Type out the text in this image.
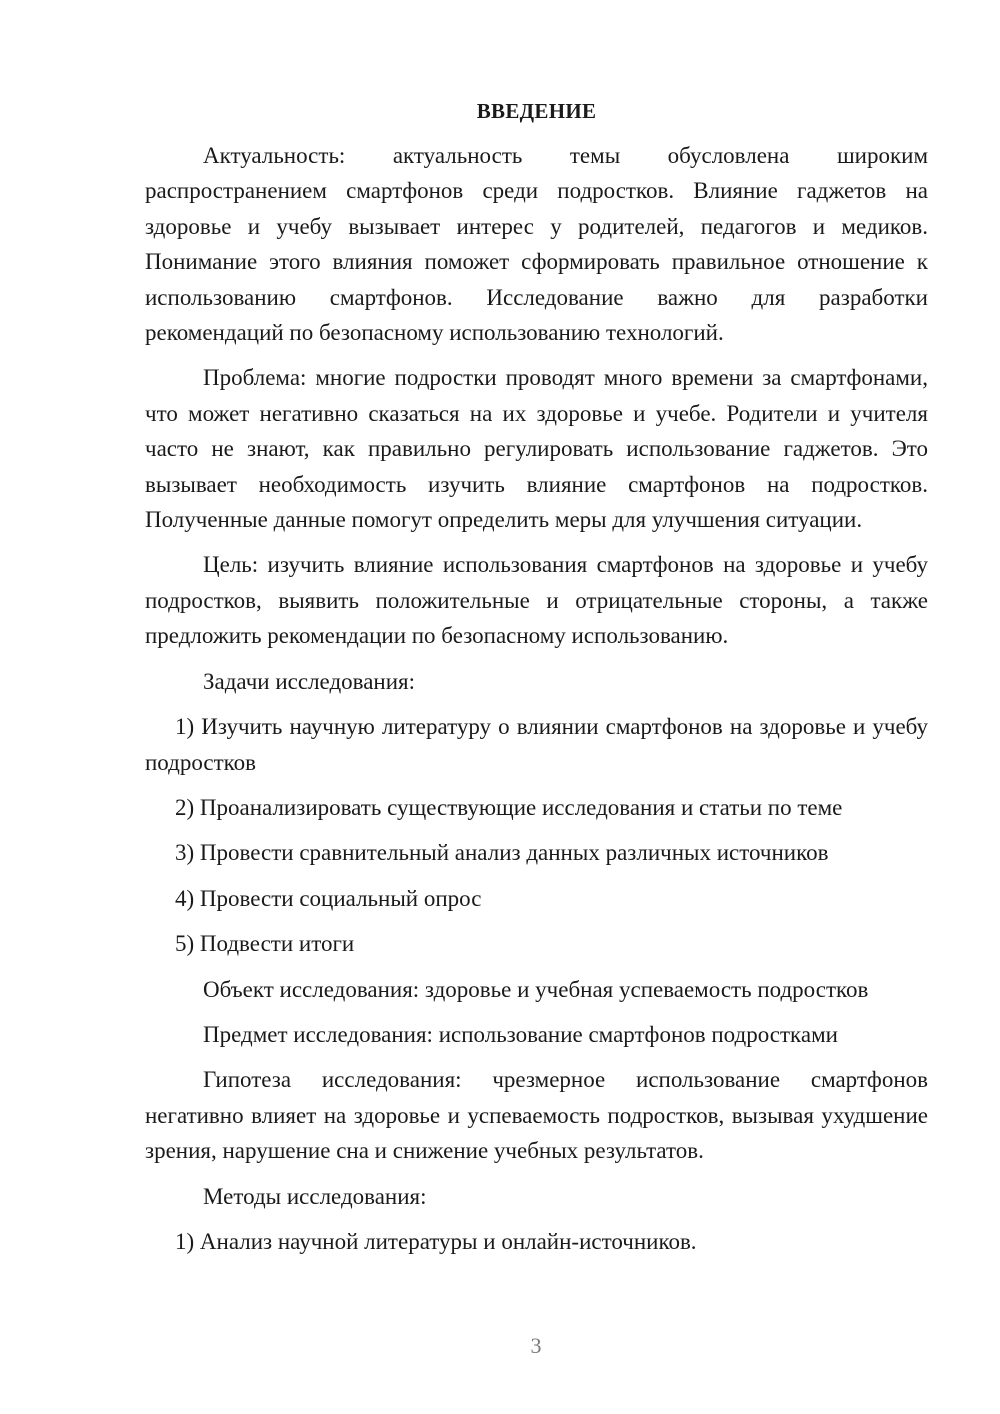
ВВЕДЕНИЕ

Актуальность: актуальность темы обусловлена широким распространением смартфонов среди подростков. Влияние гаджетов на здоровье и учебу вызывает интерес у родителей, педагогов и медиков. Понимание этого влияния поможет сформировать правильное отношение к использованию смартфонов. Исследование важно для разработки рекомендаций по безопасному использованию технологий.

Проблема: многие подростки проводят много времени за смартфонами, что может негативно сказаться на их здоровье и учебе. Родители и учителя часто не знают, как правильно регулировать использование гаджетов. Это вызывает необходимость изучить влияние смартфонов на подростков. Полученные данные помогут определить меры для улучшения ситуации.

Цель: изучить влияние использования смартфонов на здоровье и учебу подростков, выявить положительные и отрицательные стороны, а также предложить рекомендации по безопасному использованию.

Задачи исследования:

1) Изучить научную литературу о влиянии смартфонов на здоровье и учебу подростков

2) Проанализировать существующие исследования и статьи по теме

3) Провести сравнительный анализ данных различных источников

4) Провести социальный опрос

5) Подвести итоги

Объект исследования: здоровье и учебная успеваемость подростков

Предмет исследования: использование смартфонов подростками

Гипотеза исследования: чрезмерное использование смартфонов негативно влияет на здоровье и успеваемость подростков, вызывая ухудшение зрения, нарушение сна и снижение учебных результатов.

Методы исследования:

1) Анализ научной литературы и онлайн-источников.

3
